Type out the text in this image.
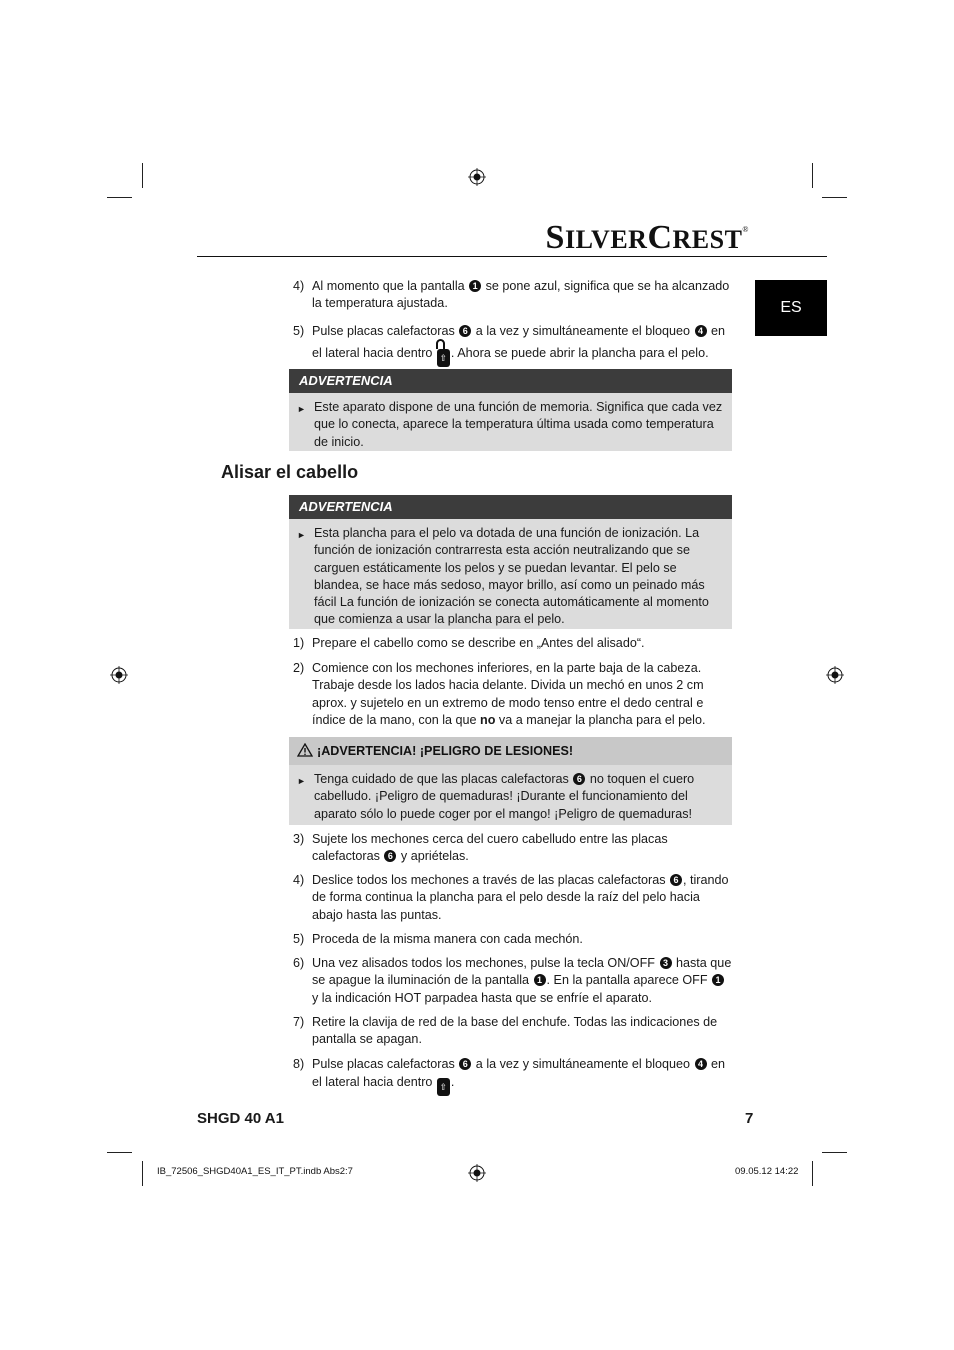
SILVERCREST®
ES
4) Al momento que la pantalla 1 se pone azul, significa que se ha alcanzado la temperatura ajustada.
5) Pulse placas calefactoras 6 a la vez y simultáneamente el bloqueo 4 en el lateral hacia dentro ⇧ . Ahora se puede abrir la plancha para el pelo.
ADVERTENCIA
► Este aparato dispone de una función de memoria. Significa que cada vez que lo conecta, aparece la temperatura última usada como temperatura de inicio.
Alisar el cabello
ADVERTENCIA
► Esta plancha para el pelo va dotada de una función de ionización. La función de ionización contrarresta esta acción neutralizando que se carguen estáticamente los pelos y se puedan levantar. El pelo se blandea, se hace más sedoso, mayor brillo, así como un peinado más fácil La función de ionización se conecta automáticamente al momento que comienza a usar la plancha para el pelo.
1) Prepare el cabello como se describe en „Antes del alisado“.
2) Comience con los mechones inferiores, en la parte baja de la cabeza. Trabaje desde los lados hacia delante. Divida un mechó en unos 2 cm aprox. y sujetelo en un extremo de modo tenso entre el dedo central e índice de la mano, con la que no va a manejar la plancha para el pelo.
¡ADVERTENCIA! ¡PELIGRO DE LESIONES!
► Tenga cuidado de que las placas calefactoras 6 no toquen el cuero cabelludo. ¡Peligro de quemaduras! ¡Durante el funcionamiento del aparato sólo lo puede coger por el mango! ¡Peligro de quemaduras!
3) Sujete los mechones cerca del cuero cabelludo entre las placas calefactoras 6 y apriételas.
4) Deslice todos los mechones a través de las placas calefactoras 6 , tirando de forma continua la plancha para el pelo desde la raíz del pelo hacia abajo hasta las puntas.
5) Proceda de la misma manera con cada mechón.
6) Una vez alisados todos los mechones, pulse la tecla ON/OFF 3 hasta que se apague la iluminación de la pantalla 1 . En la pantalla aparece OFF 1 y la indicación HOT parpadea hasta que se enfríe el aparato.
7) Retire la clavija de red de la base del enchufe. Todas las indicaciones de pantalla se apagan.
8) Pulse placas calefactoras 6 a la vez y simultáneamente el bloqueo 4 en el lateral hacia dentro ⇧ .
SHGD 40 A1	7
IB_72506_SHGD40A1_ES_IT_PT.indb Abs2:7	09.05.12 14:22
